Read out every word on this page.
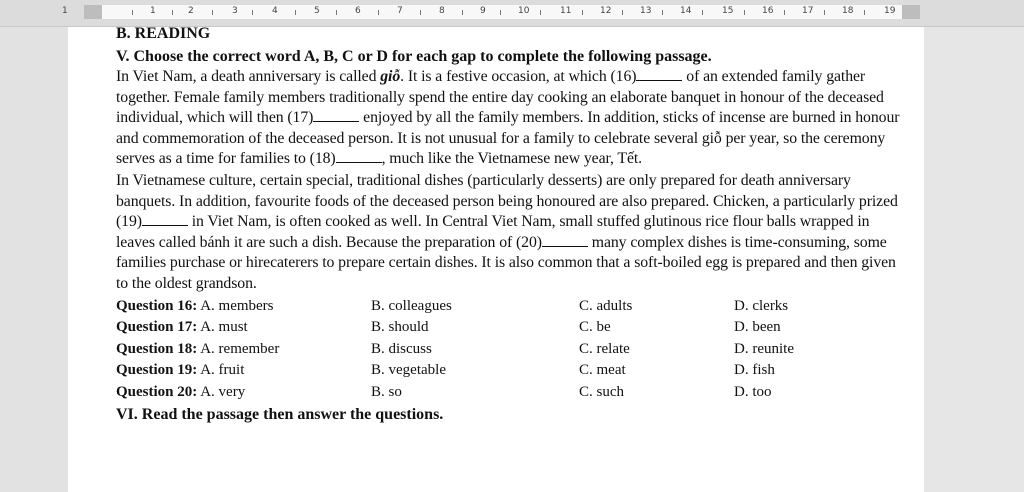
1	1	2	3	4	5	6	7	8	9	10	11	12	13	14	15	16	17	18	19

B. READING

V. Choose the correct word A, B, C or D for each gap to complete the following passage.

In Viet Nam, a death anniversary is called giỗ. It is a festive occasion, at which (16)	of an extended family gather together. Female family members traditionally spend the entire day cooking an elaborate banquet in honour of the deceased individual, which will then (17)	enjoyed by all the family members. In addition, sticks of incense are burned in honour and commemoration of the deceased person. It is not unusual for a family to celebrate several giỗ per year, so the ceremony serves as a time for families to (18)	, much like the Vietnamese new year, Tết.

In Vietnamese culture, certain special, traditional dishes (particularly desserts) are only prepared for death anniversary banquets. In addition, favourite foods of the deceased person being honoured are also prepared. Chicken, a particularly prized (19)	in Viet Nam, is often cooked as well. In Central Viet Nam, small stuffed glutinous rice flour balls wrapped in leaves called bánh it are such a dish. Because the preparation of (20)	many complex dishes is time-consuming, some families purchase or hirecaterers to prepare certain dishes. It is also common that a soft-boiled egg is prepared and then given to the oldest grandson.

Question 16: A. members	B. colleagues	C. adults	D. clerks
Question 17: A. must	B. should	C. be	D. been
Question 18: A. remember	B. discuss	C. relate	D. reunite
Question 19: A. fruit	B. vegetable	C. meat	D. fish
Question 20: A. very	B. so	C. such	D. too

VI. Read the passage then answer the questions.
